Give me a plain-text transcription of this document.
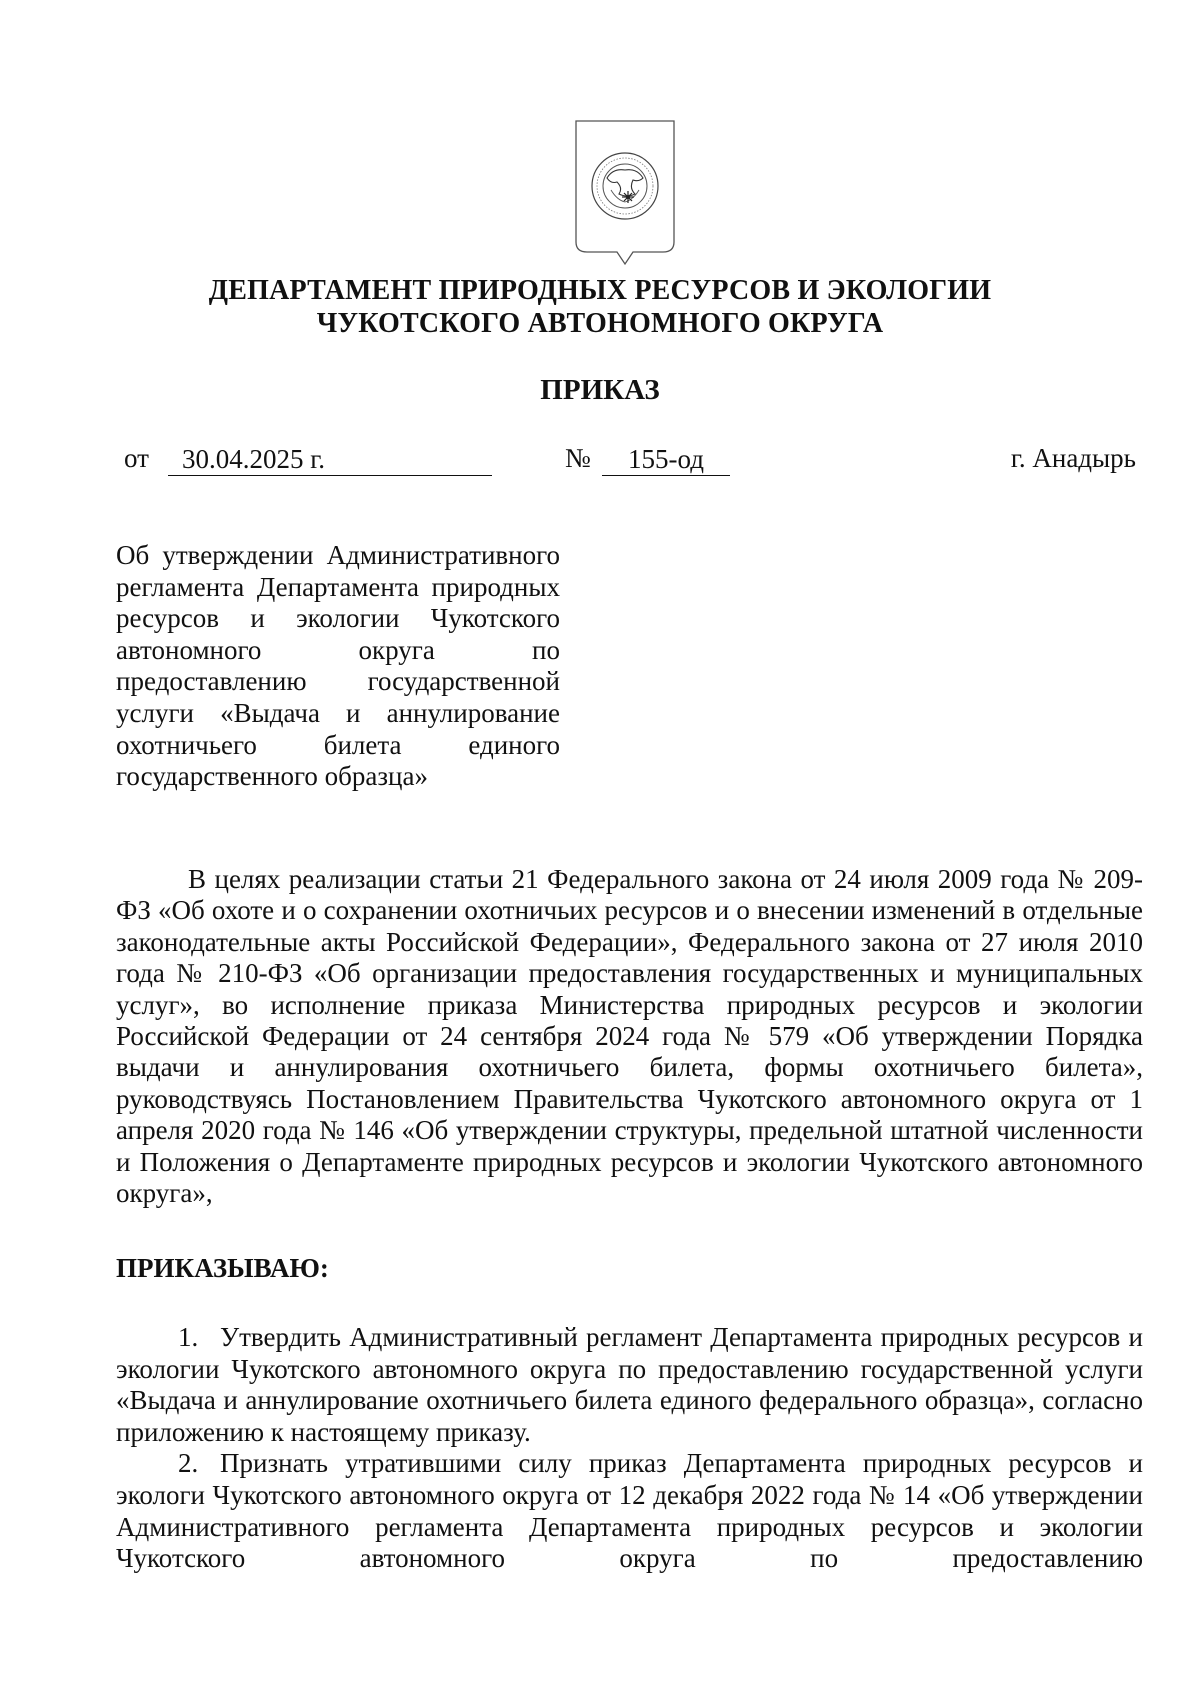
ДЕПАРТАМЕНТ ПРИРОДНЫХ РЕСУРСОВ И ЭКОЛОГИИ
ЧУКОТСКОГО АВТОНОМНОГО ОКРУГА
ПРИКАЗ
от	30.04.2025 г.	№	155-од	г. Анадырь
Об утверждении Административного регламента Департамента природных ресурсов и экологии Чукотского автономного округа по предоставлению государственной услуги «Выдача и аннулирование охотничьего билета единого государственного образца»
В целях реализации статьи 21 Федерального закона от 24 июля 2009 года № 209-ФЗ «Об охоте и о сохранении охотничьих ресурсов и о внесении изменений в отдельные законодательные акты Российской Федерации», Федерального закона от 27 июля 2010 года № 210-ФЗ «Об организации предоставления государственных и муниципальных услуг», во исполнение приказа Министерства природных ресурсов и экологии Российской Федерации от 24 сентября 2024 года № 579 «Об утверждении Порядка выдачи и аннулирования охотничьего билета, формы охотничьего билета», руководствуясь Постановлением Правительства Чукотского автономного округа от 1 апреля 2020 года № 146 «Об утверждении структуры, предельной штатной численности и Положения о Департаменте природных ресурсов и экологии Чукотского автономного округа»,
ПРИКАЗЫВАЮ:

1. Утвердить Административный регламент Департамента природных ресурсов и экологии Чукотского автономного округа по предоставлению государственной услуги «Выдача и аннулирование охотничьего билета единого федерального образца», согласно приложению к настоящему приказу.

2. Признать утратившими силу приказ Департамента природных ресурсов и экологи Чукотского автономного округа от 12 декабря 2022 года № 14 «Об утверждении Административного регламента Департамента природных ресурсов и экологии Чукотского автономного округа по предоставлению
